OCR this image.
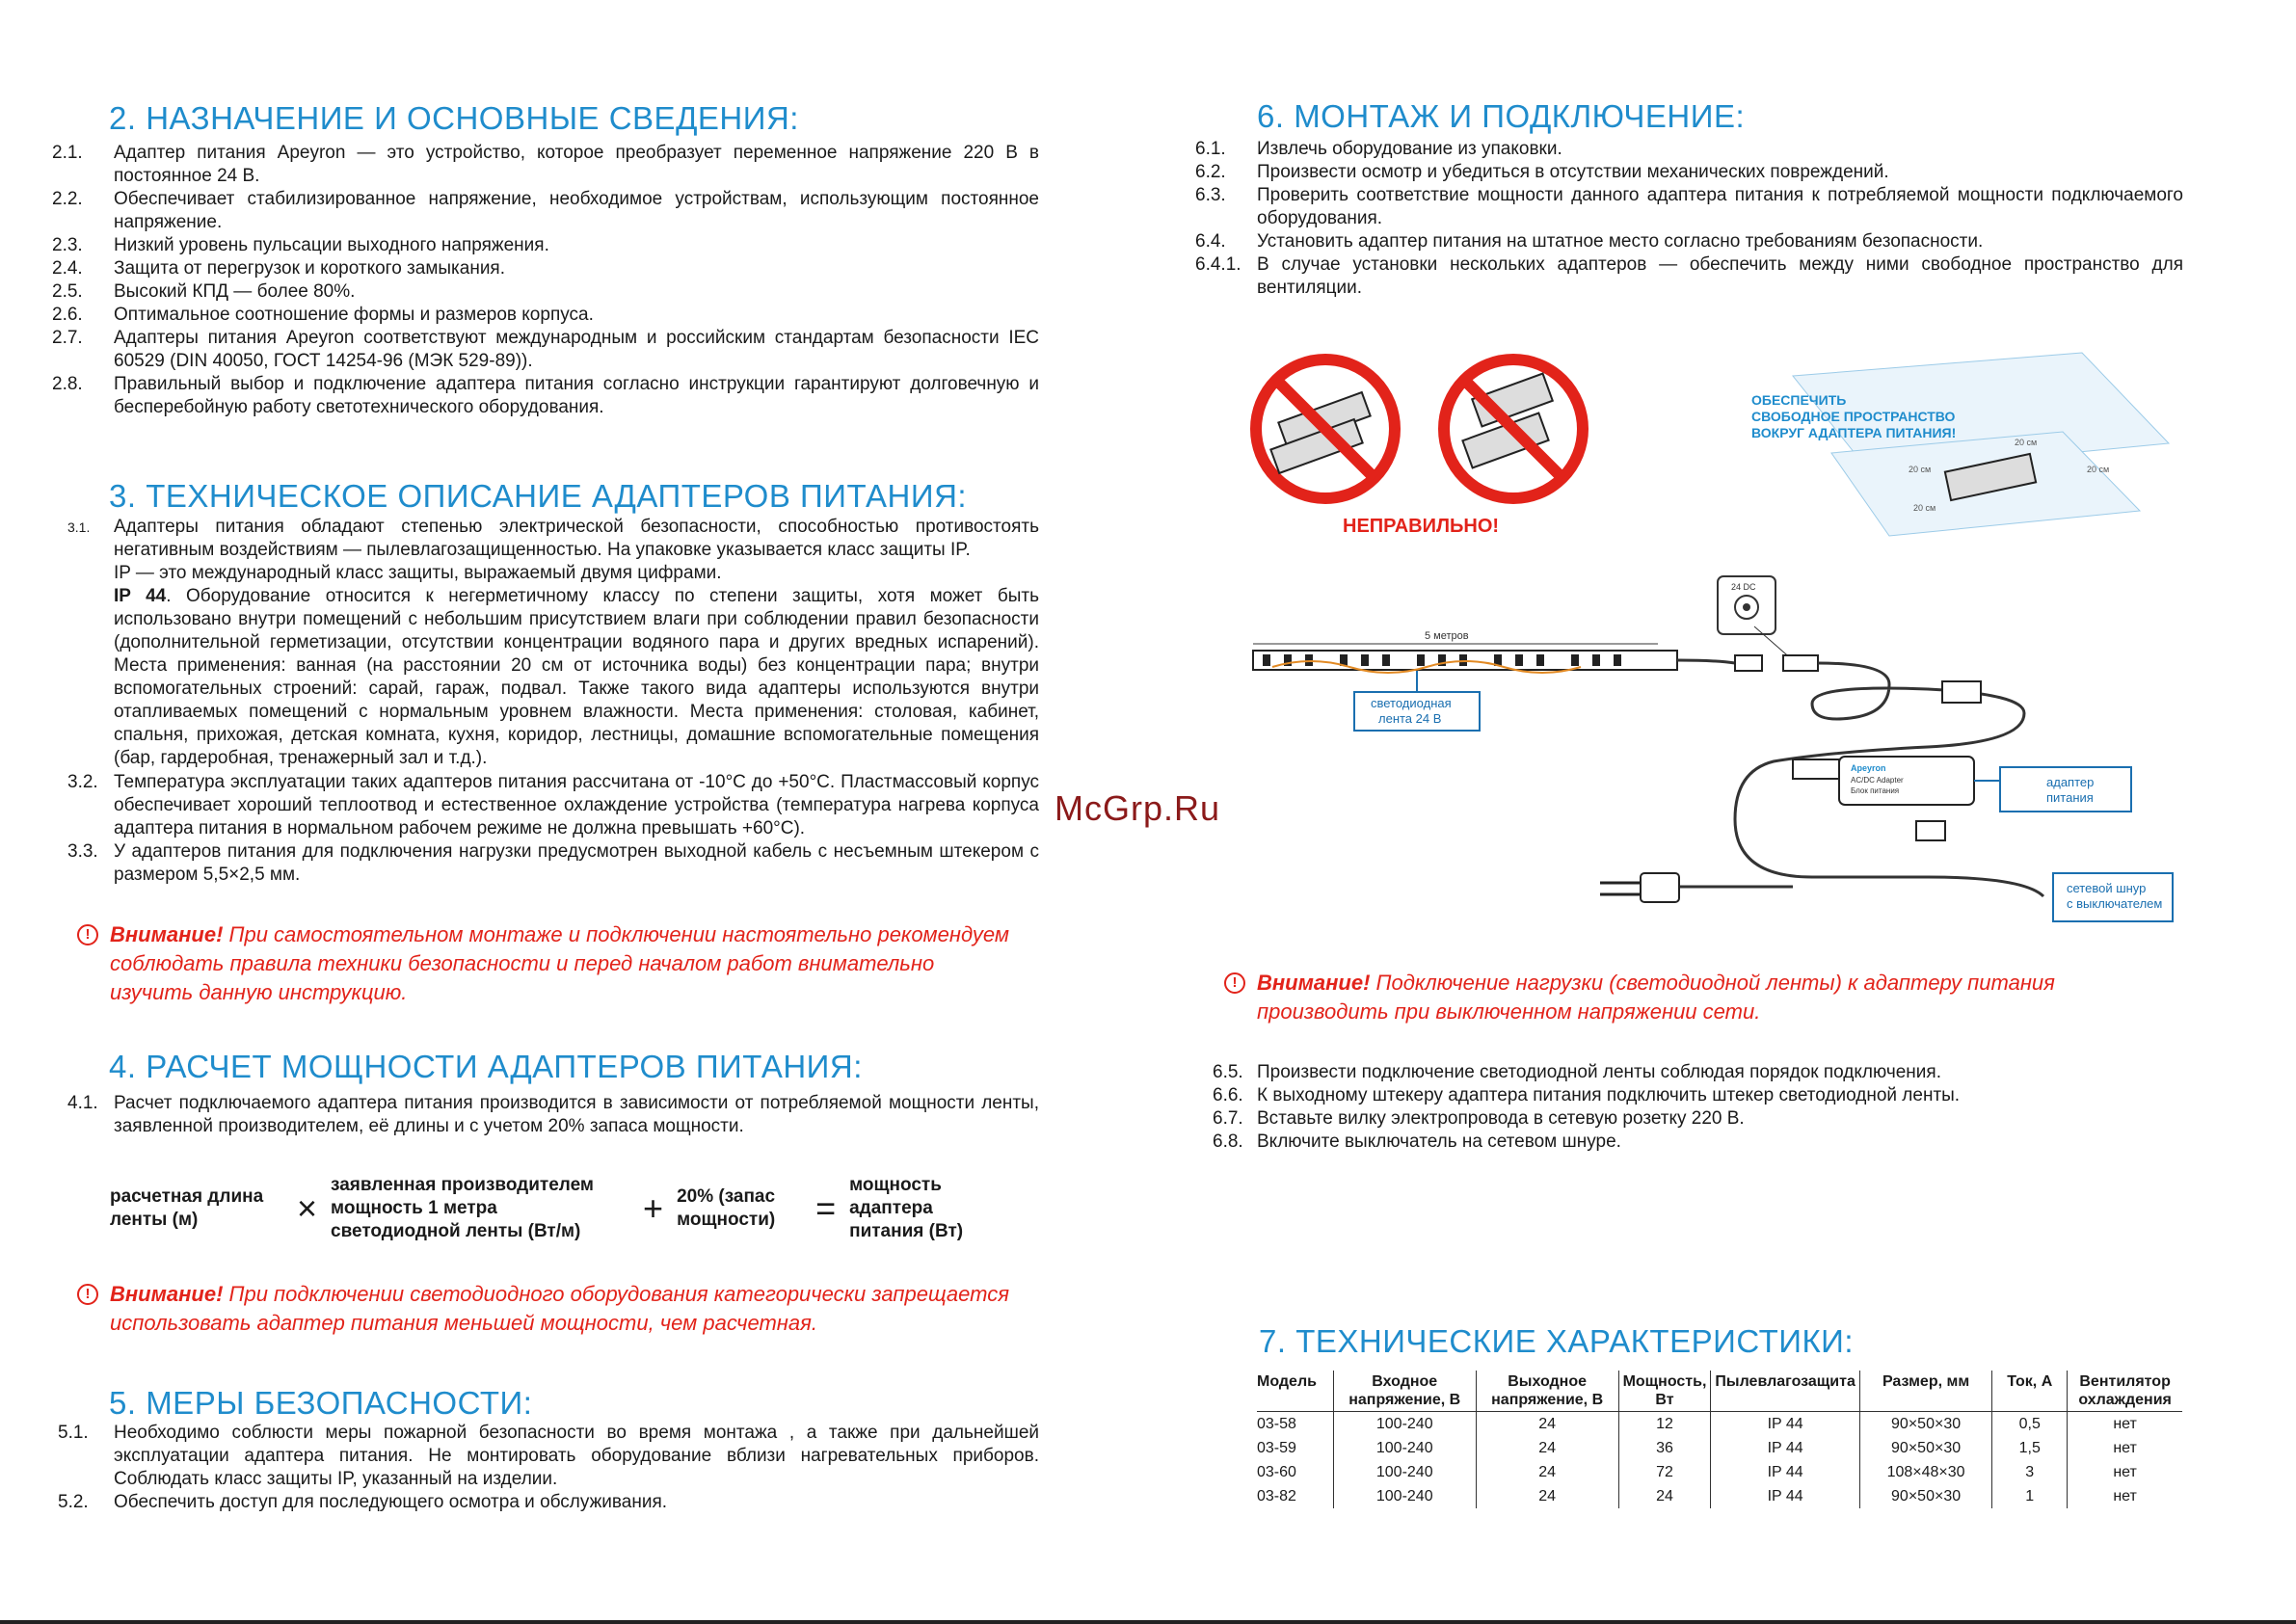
2. НАЗНАЧЕНИЕ И ОСНОВНЫЕ СВЕДЕНИЯ:
2.1.	Адаптер питания Apeyron — это устройство, которое преобразует переменное напряжение 220 В в постоянное 24 В.
2.2.	Обеспечивает стабилизированное напряжение, необходимое устройствам, использующим постоянное напряжение.
2.3.	Низкий уровень пульсации выходного напряжения.
2.4.	Защита от перегрузок и короткого замыкания.
2.5.	Высокий КПД — более 80%.
2.6.	Оптимальное соотношение формы и размеров корпуса.
2.7.	Адаптеры питания Apeyron соответствуют международным и российским стандартам безопасности IEC 60529 (DIN 40050, ГОСТ 14254-96 (МЭК 529-89)).
2.8.	Правильный выбор и подключение адаптера питания согласно инструкции гарантируют долговечную и бесперебойную работу светотехнического оборудования.
3. ТЕХНИЧЕСКОЕ ОПИСАНИЕ АДАПТЕРОВ ПИТАНИЯ:
3.1.	Адаптеры питания обладают степенью электрической безопасности, способностью противостоять негативным воздействиям — пылевлагозащищенностью. На упаковке указывается класс защиты IP.
IP — это международный класс защиты, выражаемый двумя цифрами.
IP 44. Оборудование относится к негерметичному классу по степени защиты, хотя может быть использовано внутри помещений с небольшим присутствием влаги при соблюдении правил безопасности (дополнительной герметизации, отсутствии концентрации водяного пара и других вредных испарений). Места применения: ванная (на расстоянии 20 см от источника воды) без концентрации пара; внутри вспомогательных строений: сарай, гараж, подвал. Также такого вида адаптеры используются внутри отапливаемых помещений с нормальным уровнем влажности. Места применения: столовая, кабинет, спальня, прихожая, детская комната, кухня, коридор, лестницы, домашние вспомогательные помещения (бар, гардеробная, тренажерный зал и т.д.).
3.2. Температура эксплуатации таких адаптеров питания рассчитана от -10°С до +50°С. Пластмассовый корпус обеспечивает хороший теплоотвод и естественное охлаждение устройства (температура нагрева корпуса адаптера питания в нормальном рабочем режиме не должна превышать +60°С).
3.3. У адаптеров питания для подключения нагрузки предусмотрен выходной кабель с несъемным штекером с размером 5,5×2,5 мм.
! Внимание! При самостоятельном монтаже и подключении настоятельно рекомендуем соблюдать правила техники безопасности и перед началом работ внимательно изучить данную инструкцию.
4. РАСЧЕТ МОЩНОСТИ АДАПТЕРОВ ПИТАНИЯ:
4.1. Расчет подключаемого адаптера питания производится в зависимости от потребляемой мощности ленты, заявленной производителем, её длины и с учетом 20% запаса мощности.
расчетная длина ленты (м)	×
заявленная производителем мощность 1 метра светодиодной ленты (Вт/м)
+ 20% (запас мощности)	=
мощность адаптера питания (Вт)
! Внимание! При подключении светодиодного оборудования категорически запрещается использовать адаптер питания меньшей мощности, чем расчетная.
5. МЕРЫ БЕЗОПАСНОСТИ:
5.1.	Необходимо соблюсти меры пожарной безопасности во время монтажа , а также при дальнейшей эксплуатации адаптера питания. Не монтировать оборудование вблизи нагревательных приборов. Соблюдать класс защиты IP, указанный на изделии.
5.2.	Обеспечить доступ для последующего осмотра и обслуживания.
6. МОНТАЖ И ПОДКЛЮЧЕНИЕ:
6.1.	Извлечь оборудование из упаковки.
6.2.	Произвести осмотр и убедиться в отсутствии механических повреждений.
6.3.	Проверить соответствие мощности данного адаптера питания к потребляемой мощности подключаемого оборудования.
6.4.	Установить адаптер питания на штатное место согласно требованиям безопасности.
6.4.1. В случае установки нескольких адаптеров — обеспечить между ними свободное пространство для вентиляции.
НЕПРАВИЛЬНО!
ОБЕСПЕЧИТЬ
СВОБОДНОЕ ПРОСТРАНСТВО
ВОКРУГ АДАПТЕРА ПИТАНИЯ!
20 см
20 см
20 см
20 см
5 метров
светодиодная
лента 24 В
24 DC
Apeyron
AC/DC Adapter
Блок питания
адаптер
питания
сетевой шнур
с выключателем
! Внимание! Подключение нагрузки (светодиодной ленты) к адаптеру питания производить при выключенном напряжении сети.
6.5. Произвести подключение светодиодной ленты соблюдая порядок подключения.
6.6. К выходному штекеру адаптера питания подключить штекер светодиодной ленты.
6.7. Вставьте вилку электропровода в сетевую розетку 220 В.
6.8. Включите выключатель на сетевом шнуре.
7. ТЕХНИЧЕСКИЕ ХАРАКТЕРИСТИКИ:
Модель	Входное напряжение, В	Выходное напряжение, В	Мощность, Вт	Пылевлагозащита	Размер, мм	Ток, А	Вентилятор охлаждения
03-58	100-240	24	12	IP 44	90×50×30	0,5	нет
03-59	100-240	24	36	IP 44	90×50×30	1,5	нет
03-60	100-240	24	72	IP 44	108×48×30	3	нет
03-82	100-240	24	24	IP 44	90×50×30	1	нет
McGrp.Ru
